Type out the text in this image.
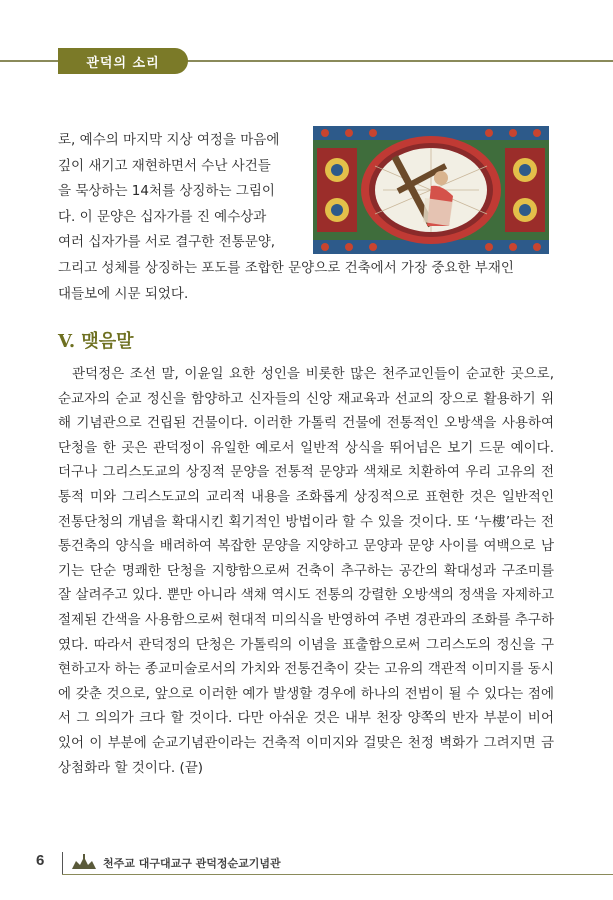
관덕의 소리
로, 예수의 마지막 지상 여정을 마음에
깊이 새기고 재현하면서 수난 사건들
을 묵상하는 14처를 상징하는 그림이
다. 이 문양은 십자가를 진 예수상과
여러 십자가를 서로 결구한 전통문양,
그리고 성체를 상징하는 포도를 조합한 문양으로 건축에서 가장 중요한 부재인
대들보에 시문 되었다.
V. 맺음말
관덕정은 조선 말, 이윤일 요한 성인을 비롯한 많은 천주교인들이 순교한 곳으로, 순교자의 순교 정신을 함양하고 신자들의 신앙 재교육과 선교의 장으로 활용하기 위해 기념관으로 건립된 건물이다. 이러한 가톨릭 건물에 전통적인 오방색을 사용하여 단청을 한 곳은 관덕정이 유일한 예로서 일반적 상식을 뛰어넘은 보기 드문 예이다. 더구나 그리스도교의 상징적 문양을 전통적 문양과 색채로 치환하여 우리 고유의 전통적 미와 그리스도교의 교리적 내용을 조화롭게 상징적으로 표현한 것은 일반적인 전통단청의 개념을 확대시킨 획기적인 방법이라 할 수 있을 것이다. 또 ‘누樓’라는 전통건축의 양식을 배려하여 복잡한 문양을 지양하고 문양과 문양 사이를 여백으로 남기는 단순 명쾌한 단청을 지향함으로써 건축이 추구하는 공간의 확대성과 구조미를 잘 살려주고 있다. 뿐만 아니라 색채 역시도 전통의 강렬한 오방색의 정색을 자제하고 절제된 간색을 사용함으로써 현대적 미의식을 반영하여 주변 경관과의 조화를 추구하였다. 따라서 관덕정의 단청은 가톨릭의 이념을 표출함으로써 그리스도의 정신을 구현하고자 하는 종교미술로서의 가치와 전통건축이 갖는 고유의 객관적 이미지를 동시에 갖춘 것으로, 앞으로 이러한 예가 발생할 경우에 하나의 전범이 될 수 있다는 점에서 그 의의가 크다 할 것이다. 다만 아쉬운 것은 내부 천장 양쪽의 반자 부분이 비어 있어 이 부분에 순교기념관이라는 건축적 이미지와 걸맞은 천정 벽화가 그려지면 금상첨화라 할 것이다. (끝)
6	천주교 대구대교구 관덕정순교기념관
